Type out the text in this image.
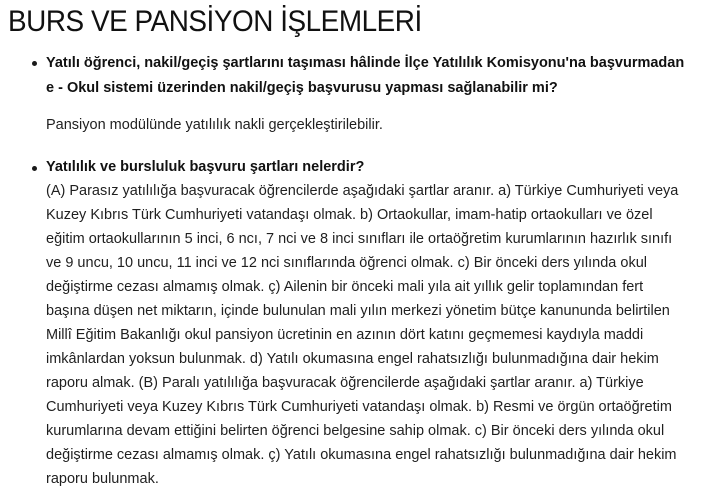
BURS VE PANSİYON İŞLEMLERİ

Yatılı öğrenci, nakil/geçiş şartlarını taşıması hâlinde İlçe Yatılılık Komisyonu'na başvurmadan e - Okul sistemi üzerinden nakil/geçiş başvurusu yapması sağlanabilir mi?

Pansiyon modülünde yatılılık nakli gerçekleştirilebilir.

Yatılılık ve bursluluk başvuru şartları nelerdir?

(A) Parasız yatılılığa başvuracak öğrencilerde aşağıdaki şartlar aranır. a) Türkiye Cumhuriyeti veya Kuzey Kıbrıs Türk Cumhuriyeti vatandaşı olmak. b) Ortaokullar, imam-hatip ortaokulları ve özel eğitim ortaokullarının 5 inci, 6 ncı, 7 nci ve 8 inci sınıfları ile ortaöğretim kurumlarının hazırlık sınıfı ve 9 uncu, 10 uncu, 11 inci ve 12 nci sınıflarında öğrenci olmak. c) Bir önceki ders yılında okul değiştirme cezası almamış olmak. ç) Ailenin bir önceki mali yıla ait yıllık gelir toplamından fert başına düşen net miktarın, içinde bulunulan mali yılın merkezi yönetim bütçe kanununda belirtilen Millî Eğitim Bakanlığı okul pansiyon ücretinin en azının dört katını geçmemesi kaydıyla maddi imkânlardan yoksun bulunmak. d) Yatılı okumasına engel rahatsızlığı bulunmadığına dair hekim raporu almak. (B) Paralı yatılılığa başvuracak öğrencilerde aşağıdaki şartlar aranır. a) Türkiye Cumhuriyeti veya Kuzey Kıbrıs Türk Cumhuriyeti vatandaşı olmak. b) Resmi ve örgün ortaöğretim kurumlarına devam ettiğini belirten öğrenci belgesine sahip olmak. c) Bir önceki ders yılında okul değiştirme cezası almamış olmak. ç) Yatılı okumasına engel rahatsızlığı bulunmadığına dair hekim raporu bulunmak.
